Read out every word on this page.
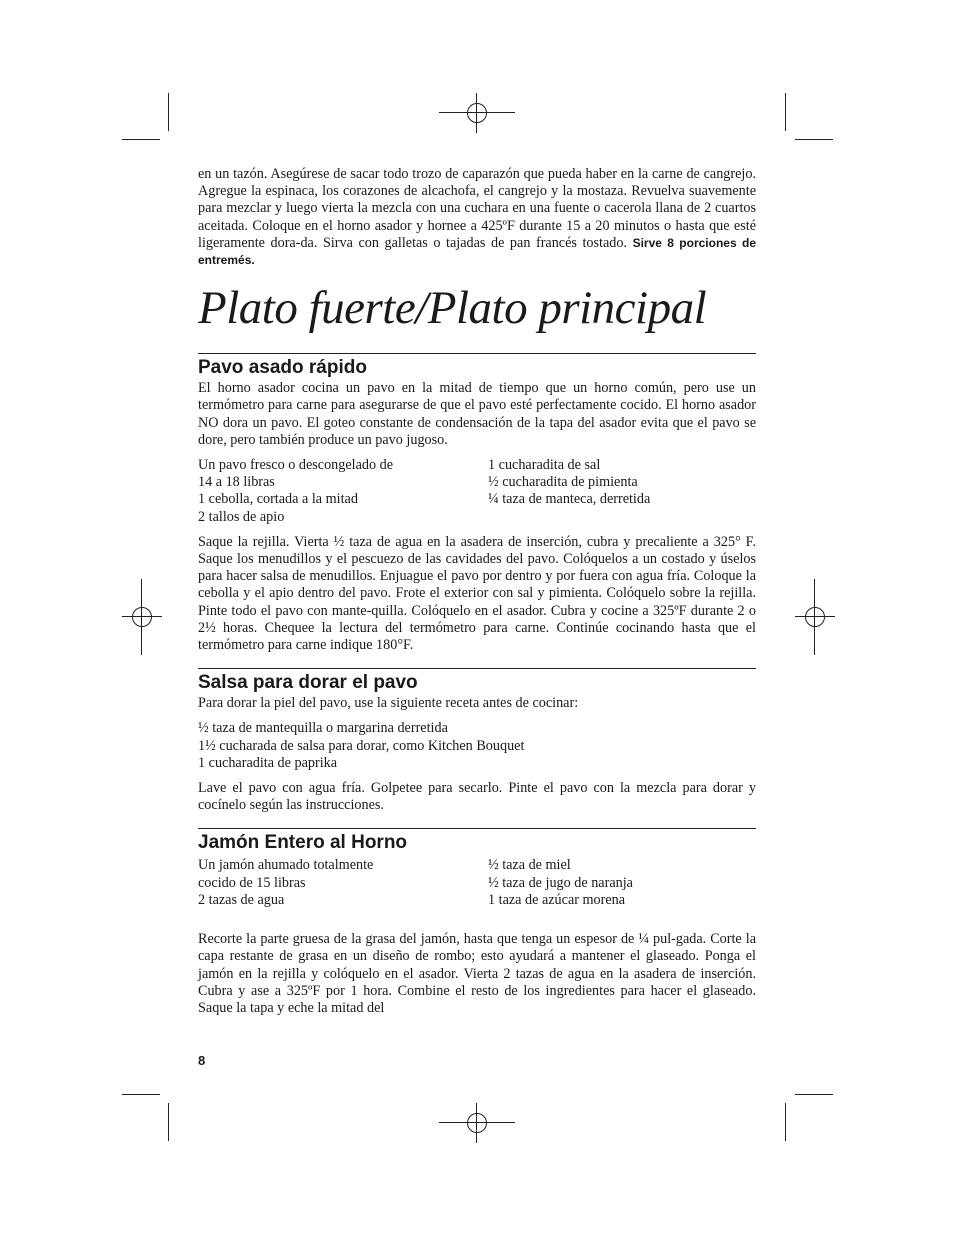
en un tazón. Asegúrese de sacar todo trozo de caparazón que pueda haber en la carne de cangrejo. Agregue la espinaca, los corazones de alcachofa, el cangrejo y la mostaza. Revuelva suavemente para mezclar y luego vierta la mezcla con una cuchara en una fuente o cacerola llana de 2 cuartos aceitada. Coloque en el horno asador y hornee a 425ºF durante 15 a 20 minutos o hasta que esté ligeramente dora-da. Sirva con galletas o tajadas de pan francés tostado. Sirve 8 porciones de entremés.

Plato fuerte/Plato principal
Pavo asado rápido

El horno asador cocina un pavo en la mitad de tiempo que un horno común, pero use un termómetro para carne para asegurarse de que el pavo esté perfectamente cocido. El horno asador NO dora un pavo. El goteo constante de condensación de la tapa del asador evita que el pavo se dore, pero también produce un pavo jugoso.

Un pavo fresco o descongelado de
14 a 18 libras
1 cebolla, cortada a la mitad
2 tallos de apio
1 cucharadita de sal
½ cucharadita de pimienta
¼ taza de manteca, derretida

Saque la rejilla. Vierta ½ taza de agua en la asadera de inserción, cubra y precaliente a 325° F. Saque los menudillos y el pescuezo de las cavidades del pavo. Colóquelos a un costado y úselos para hacer salsa de menudillos. Enjuague el pavo por dentro y por fuera con agua fría. Coloque la cebolla y el apio dentro del pavo. Frote el exterior con sal y pimienta. Colóquelo sobre la rejilla. Pinte todo el pavo con mante-quilla. Colóquelo en el asador. Cubra y cocine a 325ºF durante 2 o 2½ horas. Chequee la lectura del termómetro para carne. Continúe cocinando hasta que el termómetro para carne indique 180°F.

Salsa para dorar el pavo

Para dorar la piel del pavo, use la siguiente receta antes de cocinar:

½ taza de mantequilla o margarina derretida

1½ cucharada de salsa para dorar, como Kitchen Bouquet

1 cucharadita de paprika

Lave el pavo con agua fría. Golpetee para secarlo. Pinte el pavo con la mezcla para dorar y cocínelo según las instrucciones.

Jamón Entero al Horno
Un jamón ahumado totalmente
cocido de 15 libras
2 tazas de agua
½ taza de miel
½ taza de jugo de naranja
1 taza de azúcar morena

Recorte la parte gruesa de la grasa del jamón, hasta que tenga un espesor de ¼ pul-gada. Corte la capa restante de grasa en un diseño de rombo; esto ayudará a mantener el glaseado. Ponga el jamón en la rejilla y colóquelo en el asador. Vierta 2 tazas de agua en la asadera de inserción. Cubra y ase a 325ºF por 1 hora. Combine el resto de los ingredientes para hacer el glaseado. Saque la tapa y eche la mitad del

8
